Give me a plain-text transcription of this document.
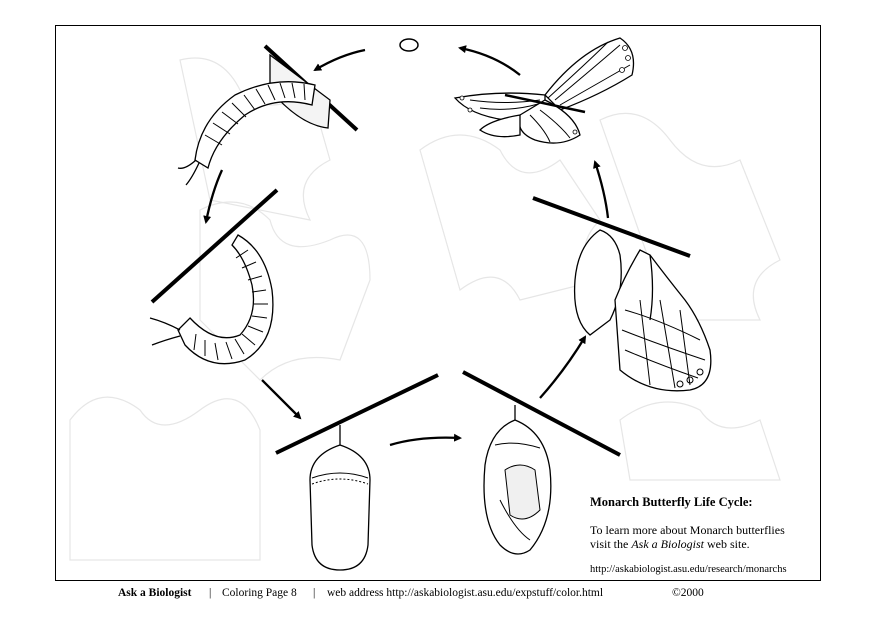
Monarch Butterfly Life Cycle:
To learn more about Monarch butterflies
visit the Ask a Biologist web site.
http://askabiologist.asu.edu/research/monarchs
Ask a Biologist | Coloring Page 8 | web address http://askabiologist.asu.edu/expstuff/color.html	©2000
